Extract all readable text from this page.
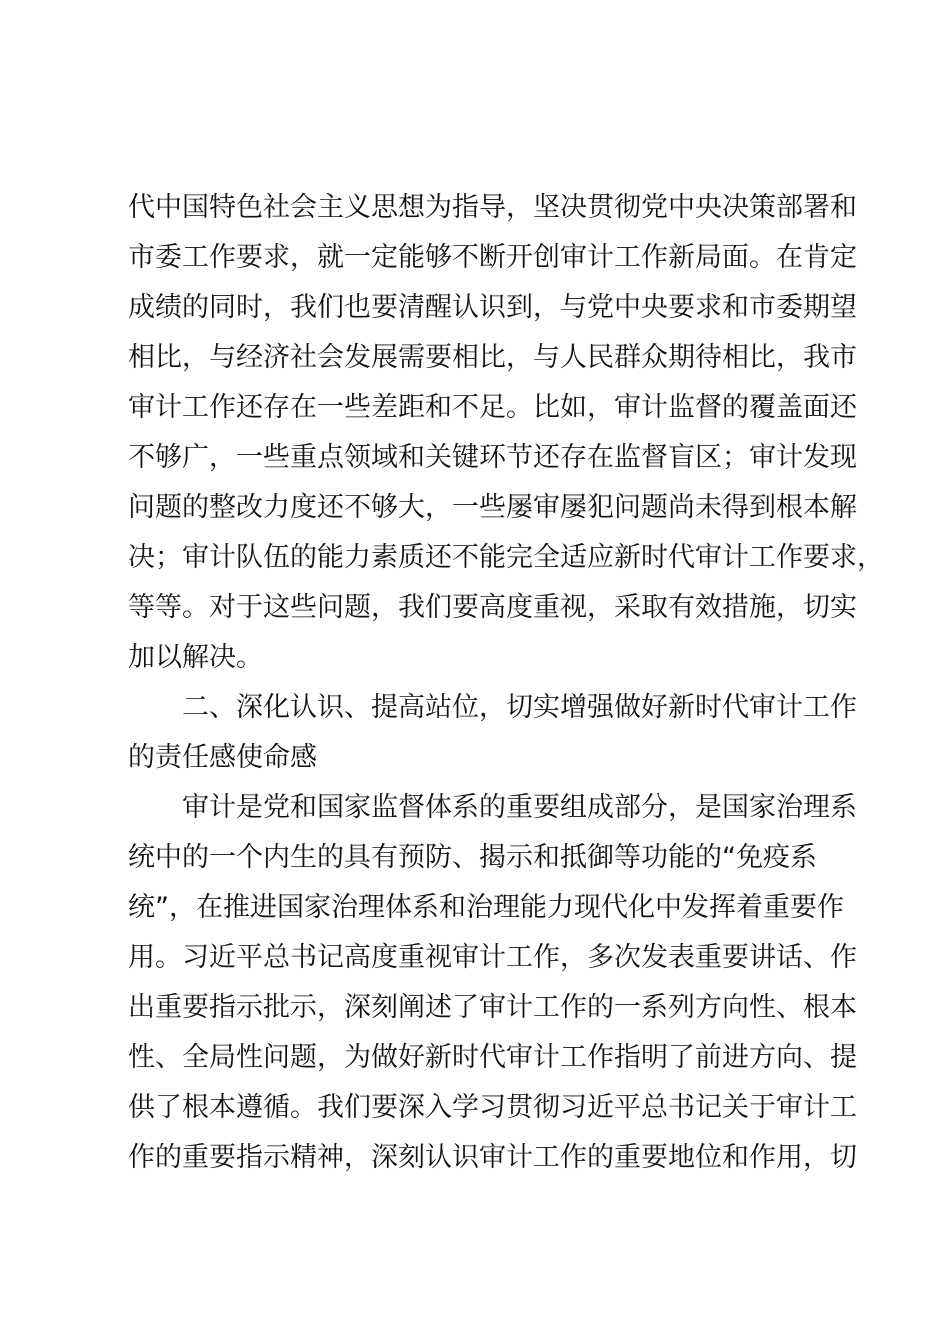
代中国特色社会主义思想为指导，坚决贯彻党中央决策部署和
市委工作要求，就一定能够不断开创审计工作新局面。在肯定
成绩的同时，我们也要清醒认识到，与党中央要求和市委期望
相比，与经济社会发展需要相比，与人民群众期待相比，我市
审计工作还存在一些差距和不足。比如，审计监督的覆盖面还
不够广，一些重点领域和关键环节还存在监督盲区；审计发现
问题的整改力度还不够大，一些屡审屡犯问题尚未得到根本解
决；审计队伍的能力素质还不能完全适应新时代审计工作要求，
等等。对于这些问题，我们要高度重视，采取有效措施，切实
加以解决。
二、深化认识、提高站位，切实增强做好新时代审计工作
的责任感使命感
审计是党和国家监督体系的重要组成部分，是国家治理系
统中的一个内生的具有预防、揭示和抵御等功能的“免疫系
统”，在推进国家治理体系和治理能力现代化中发挥着重要作
用。习近平总书记高度重视审计工作，多次发表重要讲话、作
出重要指示批示，深刻阐述了审计工作的一系列方向性、根本
性、全局性问题，为做好新时代审计工作指明了前进方向、提
供了根本遵循。我们要深入学习贯彻习近平总书记关于审计工
作的重要指示精神，深刻认识审计工作的重要地位和作用，切
